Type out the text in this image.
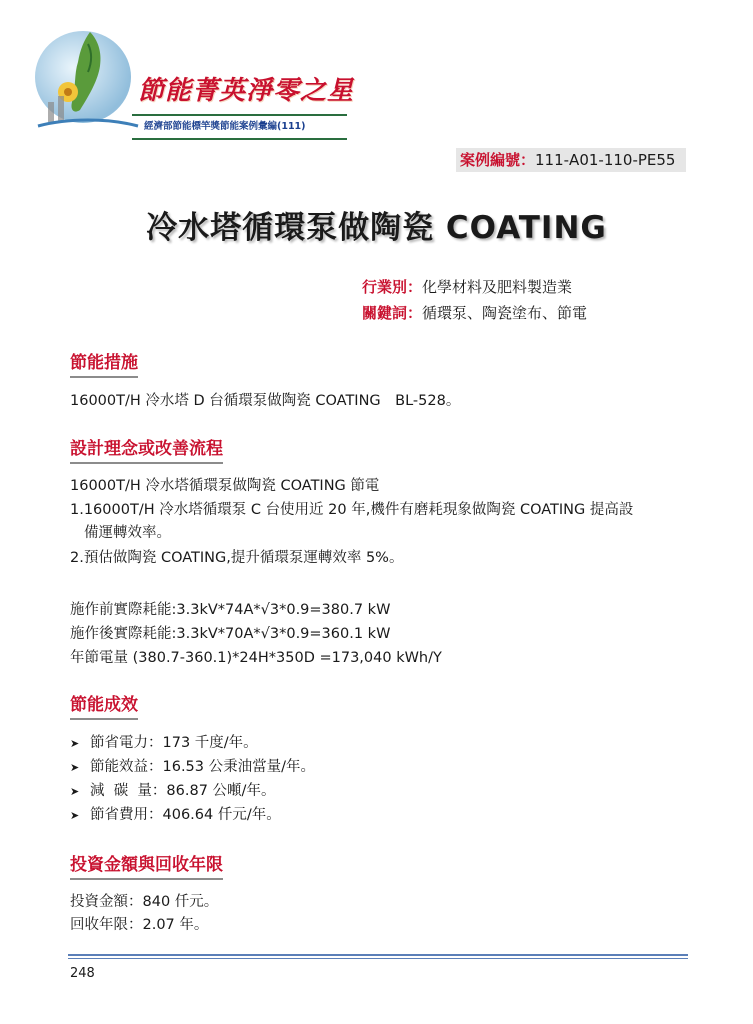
節能菁英淨零之星
經濟部節能標竿獎節能案例彙編(111)
案例編號：111-A01-110-PE55
冷水塔循環泵做陶瓷 COATING
行業別：化學材料及肥料製造業
關鍵詞：循環泵、陶瓷塗布、節電
節能措施
16000T/H 冷水塔 D 台循環泵做陶瓷 COATING　BL-528。
設計理念或改善流程
16000T/H 冷水塔循環泵做陶瓷 COATING 節電
1.16000T/H 冷水塔循環泵 C 台使用近 20 年,機件有磨耗現象做陶瓷 COATING 提高設
備運轉效率。
2.預估做陶瓷 COATING,提升循環泵運轉效率 5%。
施作前實際耗能:3.3kV*74A*√3*0.9=380.7 kW
施作後實際耗能:3.3kV*70A*√3*0.9=360.1 kW
年節電量 (380.7-360.1)*24H*350D =173,040 kWh/Y
節能成效
➤ 節省電力：173 千度/年。
➤ 節能效益：16.53 公秉油當量/年。
➤ 減  碳  量：86.87 公噸/年。
➤ 節省費用：406.64 仟元/年。
投資金額與回收年限
投資金額：840 仟元。
回收年限：2.07 年。
248
